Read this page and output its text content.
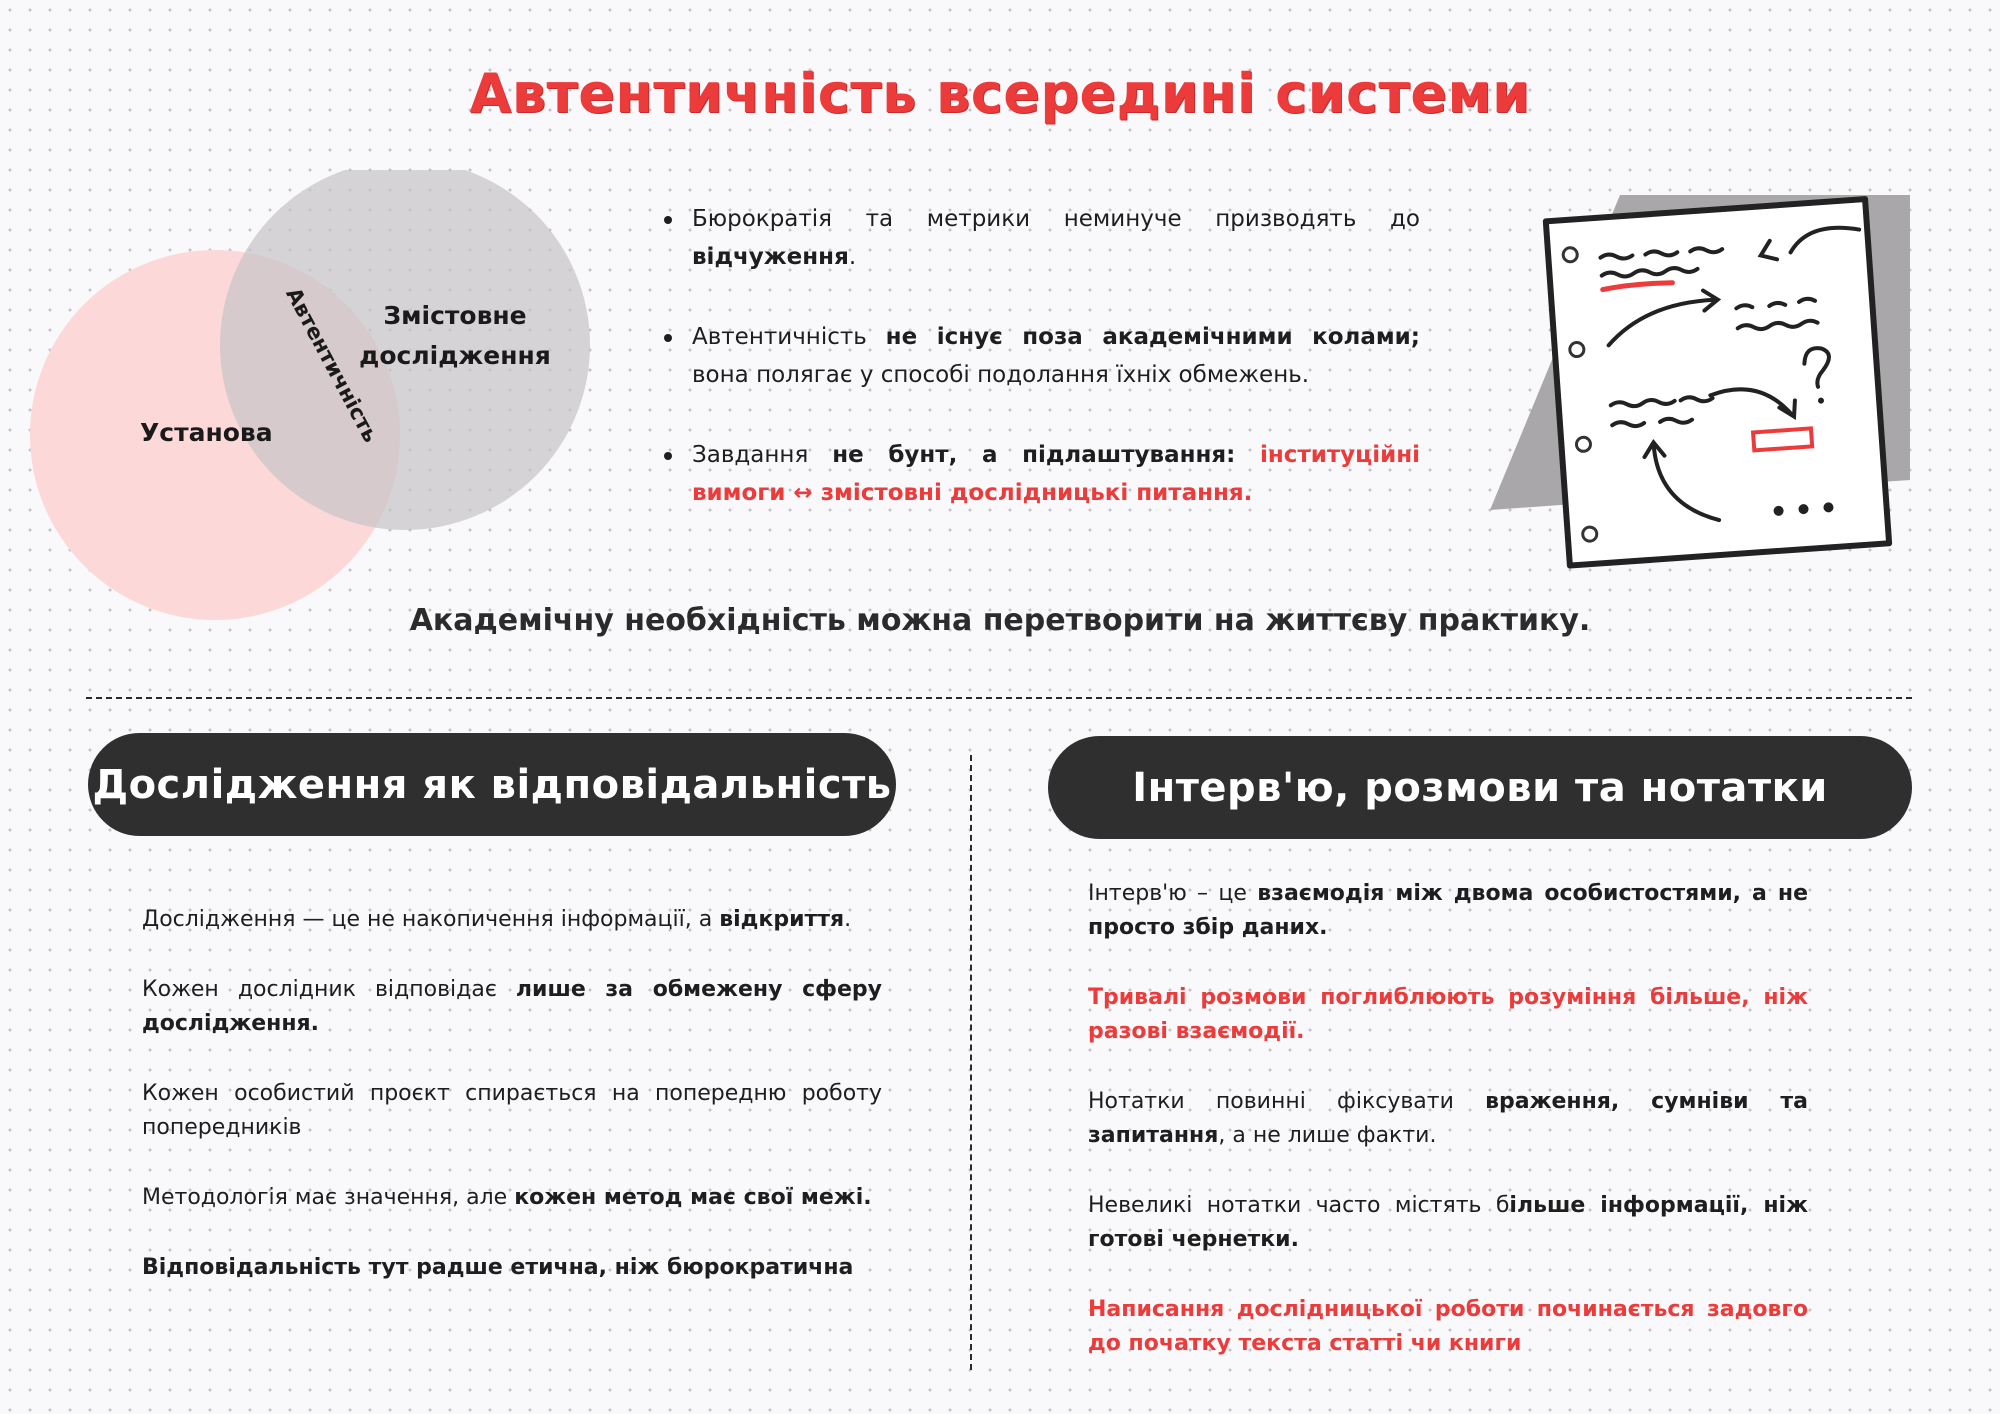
Автентичність всередині системи
Установа
Змістовне
дослідження
Автентичність
Бюрократія та метрики неминуче призводять до відчуження.
Автентичність не існує поза академічними колами; вона полягає у способі подолання їхніх обмежень.
Завдання не бунт, а підлаштування: інституційні вимоги ↔ змістовні дослідницькі питання.
Академічну необхідність можна перетворити на життєву практику.
Дослідження як відповідальність

Дослідження — це не накопичення інформації, а відкриття.

Кожен дослідник відповідає лише за обмежену сферу дослідження.

Кожен особистий проєкт спирається на попередню роботу попередників

Методологія має значення, але кожен метод має свої межі.

Відповідальність тут радше етична, ніж бюрократична

Інтерв'ю, розмови та нотатки

Інтерв'ю – це взаємодія між двома особистостями, а не просто збір даних.

Тривалі розмови поглиблюють розуміння більше, ніж разові взаємодії.

Нотатки повинні фіксувати враження, сумніви та запитання, а не лише факти.

Невеликі нотатки часто містять більше інформації, ніж готові чернетки.

Написання дослідницької роботи починається задовго до початку текста статті чи книги
